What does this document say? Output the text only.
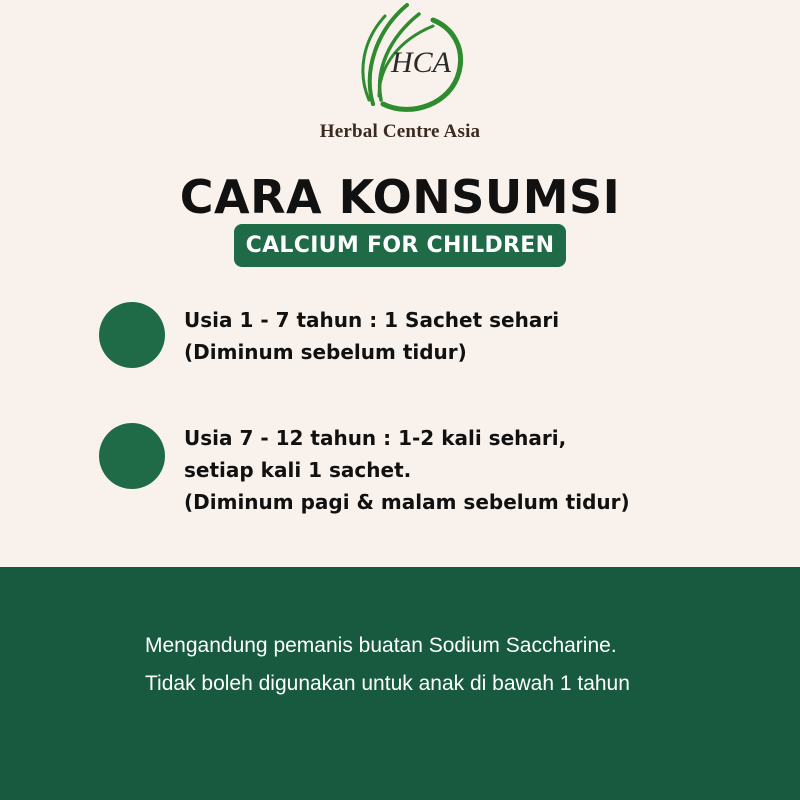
HCA
Herbal Centre Asia
CARA KONSUMSI
CALCIUM FOR CHILDREN
Usia 1 - 7 tahun : 1 Sachet sehari
(Diminum sebelum tidur)
Usia 7 - 12 tahun : 1-2 kali sehari,
setiap kali 1 sachet.
(Diminum pagi & malam sebelum tidur)
Mengandung pemanis buatan Sodium Saccharine.
Tidak boleh digunakan untuk anak di bawah 1 tahun
